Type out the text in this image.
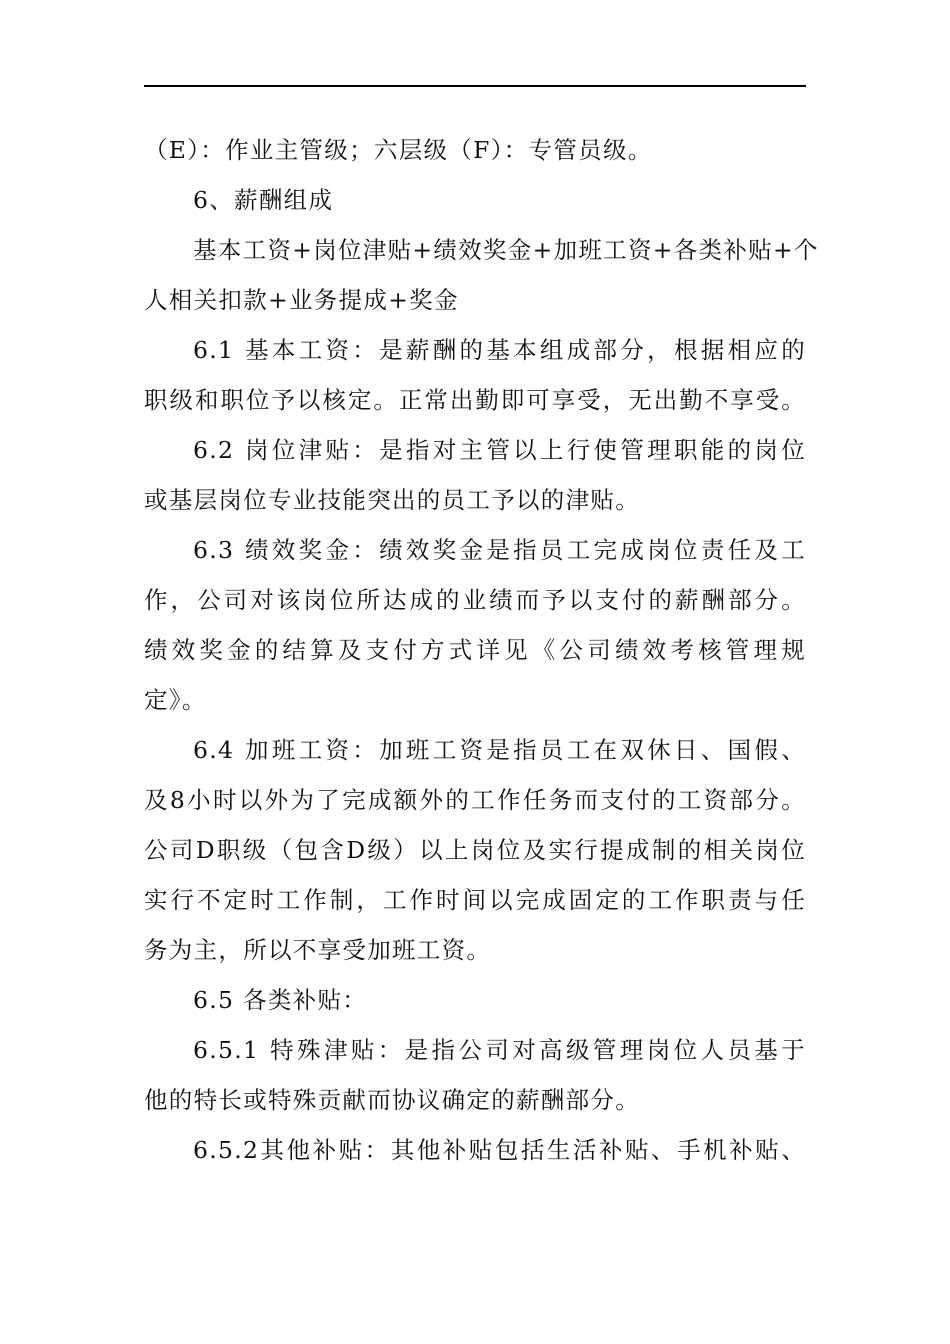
（E）：作业主管级；六层级（F）：专管员级。
6、薪酬组成
基本工资+岗位津贴+绩效奖金+加班工资+各类补贴+个
人相关扣款+业务提成+奖金
6.1 基本工资：是薪酬的基本组成部分，根据相应的
职级和职位予以核定。正常出勤即可享受，无出勤不享受。
6.2 岗位津贴：是指对主管以上行使管理职能的岗位
或基层岗位专业技能突出的员工予以的津贴。
6.3 绩效奖金：绩效奖金是指员工完成岗位责任及工
作，公司对该岗位所达成的业绩而予以支付的薪酬部分。
绩效奖金的结算及支付方式详见《公司绩效考核管理规
定》。
6.4 加班工资：加班工资是指员工在双休日、国假、
及8小时以外为了完成额外的工作任务而支付的工资部分。
公司D职级（包含D级）以上岗位及实行提成制的相关岗位
实行不定时工作制，工作时间以完成固定的工作职责与任
务为主，所以不享受加班工资。
6.5 各类补贴：
6.5.1 特殊津贴：是指公司对高级管理岗位人员基于
他的特长或特殊贡献而协议确定的薪酬部分。
6.5.2其他补贴：其他补贴包括生活补贴、手机补贴、
